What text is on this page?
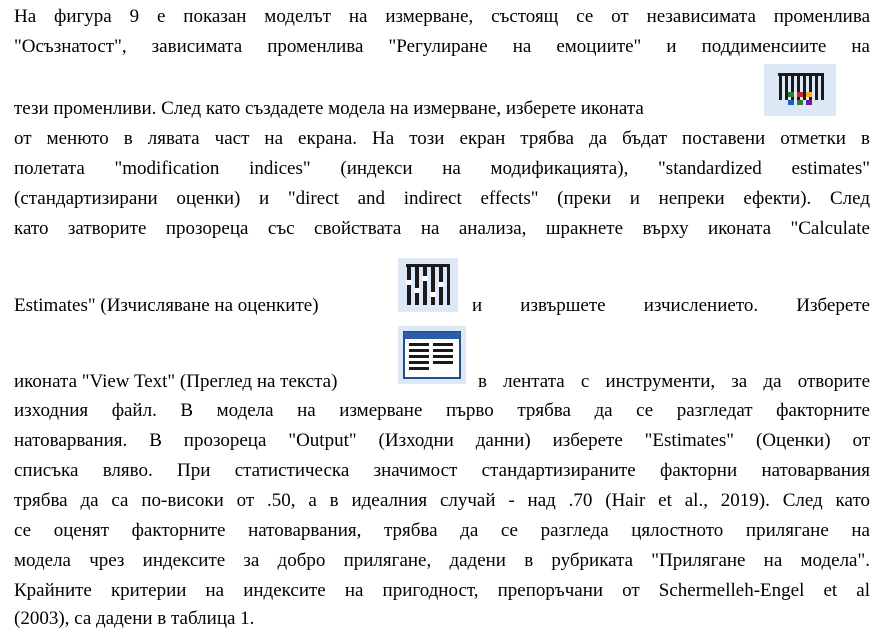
На фигура 9 е показан моделът на измерване, състоящ се от независимата променлива
"Осъзнатост", зависимата променлива "Регулиране на емоциите" и поддименсиите на
тези променливи. След като създадете модела на измерване, изберете иконата
от менюто в лявата част на екрана. На този екран трябва да бъдат поставени отметки в
полетата "modification indices" (индекси на модификацията), "standardized estimates"
(стандартизирани оценки) и "direct and indirect effects" (преки и непреки ефекти). След
като затворите прозореца със свойствата на анализа, шракнете върху иконата "Calculate
Estimates" (Изчисляване на оценките)	и извършете изчислението. Изберете
иконата "View Text" (Преглед на текста)	в лентата с инструменти, за да отворите
изходния файл. В модела на измерване първо трябва да се разгледат факторните
натоварвания. В прозореца "Output" (Изходни данни) изберете "Estimates" (Оценки) от
списъка вляво. При статистическа значимост стандартизираните факторни натоварвания
трябва да са по-високи от .50, а в идеалния случай - над .70 (Hair et al., 2019). След като
се оценят факторните натоварвания, трябва да се разгледа цялостното прилягане на
модела чрез индексите за добро прилягане, дадени в рубриката "Прилягане на модела".
Крайните критерии на индексите на пригодност, препоръчани от Schermelleh-Engel et al
(2003), са дадени в таблица 1.
